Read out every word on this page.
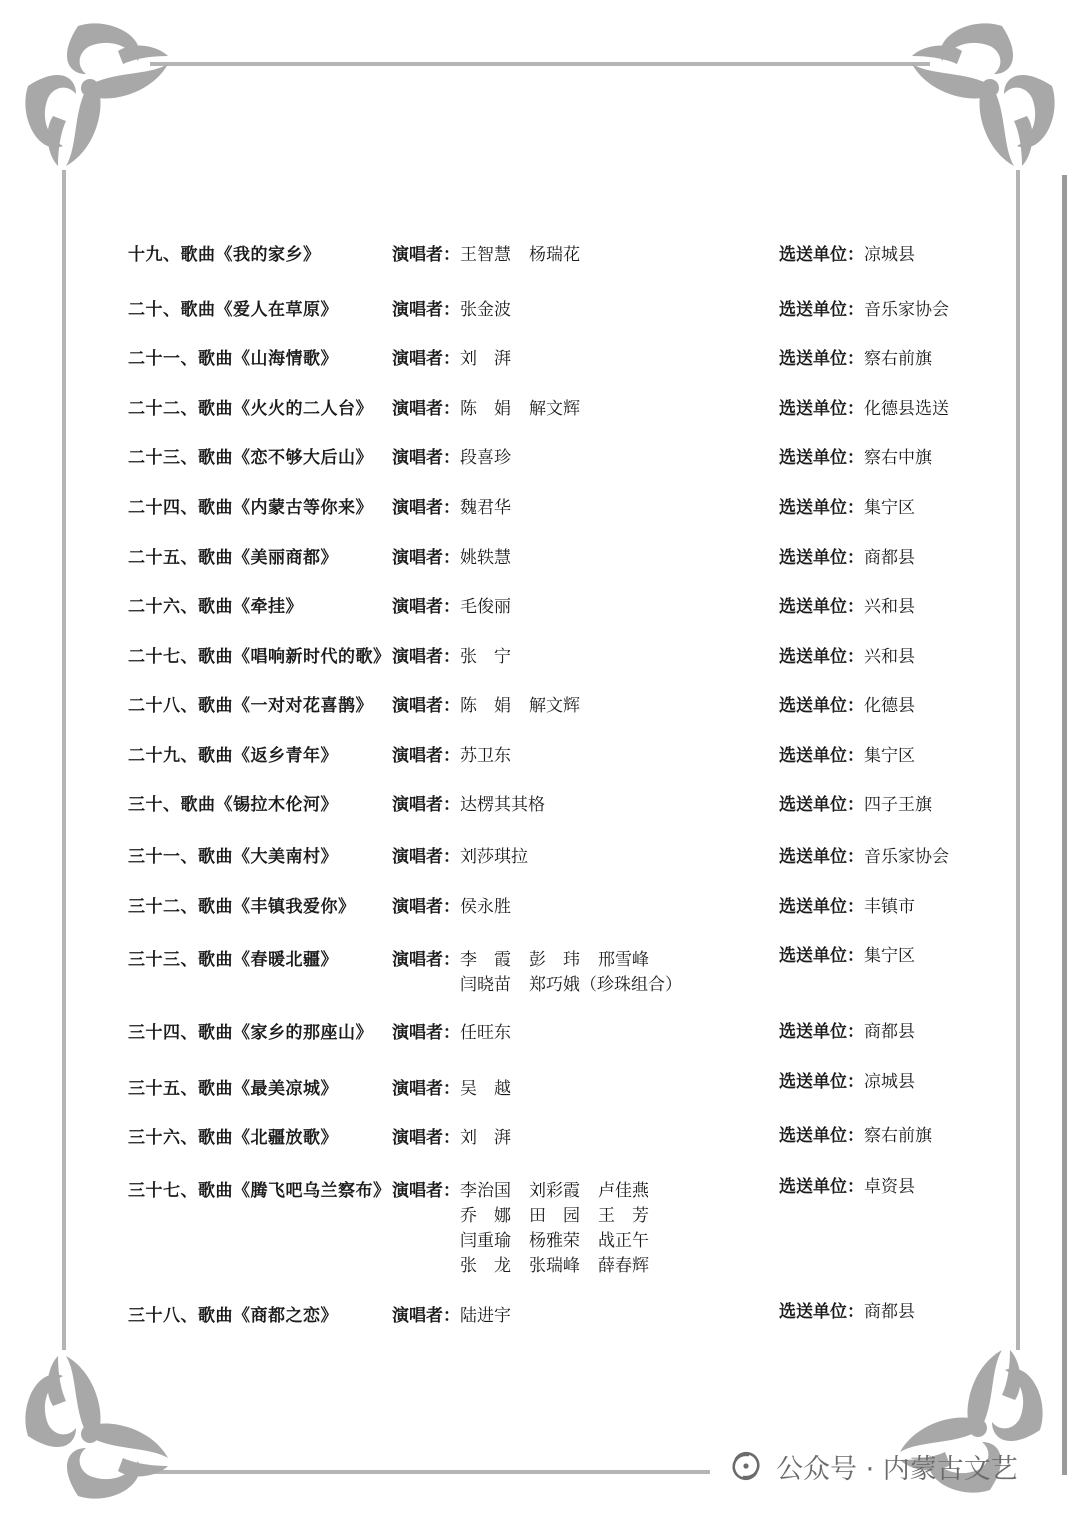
十九、歌曲《我的家乡》	演唱者： 王智慧 杨瑞花	选送单位：凉城县
二十、歌曲《爱人在草原》	演唱者： 张金波	选送单位：音乐家协会
二十一、歌曲《山海情歌》	演唱者： 刘　湃	选送单位：察右前旗
二十二、歌曲《火火的二人台》 演唱者： 陈　娟 解文辉	选送单位：化德县选送
二十三、歌曲《恋不够大后山》 演唱者： 段喜珍	选送单位：察右中旗
二十四、歌曲《内蒙古等你来》 演唱者： 魏君华	选送单位：集宁区
二十五、歌曲《美丽商都》	演唱者： 姚轶慧	选送单位：商都县
二十六、歌曲《牵挂》	演唱者： 毛俊丽	选送单位：兴和县
二十七、歌曲《唱响新时代的歌》 演唱者： 张　宁	选送单位：兴和县
二十八、歌曲《一对对花喜鹊》 演唱者： 陈　娟 解文辉	选送单位：化德县
二十九、歌曲《返乡青年》	演唱者： 苏卫东	选送单位：集宁区
三十、歌曲《锡拉木伦河》	演唱者： 达楞其其格	选送单位：四子王旗
三十一、歌曲《大美南村》	演唱者： 刘莎琪拉	选送单位：音乐家协会
三十二、歌曲《丰镇我爱你》 演唱者： 侯永胜	选送单位：丰镇市
三十三、歌曲《春暖北疆》	演唱者： 李　霞 彭　玮 邢雪峰
闫晓苗 郑巧娥（珍珠组合）
选送单位：集宁区
三十四、歌曲《家乡的那座山》 演唱者： 任旺东	选送单位：商都县
三十五、歌曲《最美凉城》	演唱者： 吴　越	选送单位：凉城县
三十六、歌曲《北疆放歌》	演唱者： 刘　湃	选送单位：察右前旗
三十七、歌曲《腾飞吧乌兰察布》 演唱者： 李治国 刘彩霞 卢佳燕
乔　娜 田　园 王　芳
闫重瑜 杨雅荣 战正午
张　龙 张瑞峰 薛春辉
选送单位：卓资县
三十八、歌曲《商都之恋》	演唱者： 陆进宇	选送单位：商都县
公众号 · 内蒙古文艺
